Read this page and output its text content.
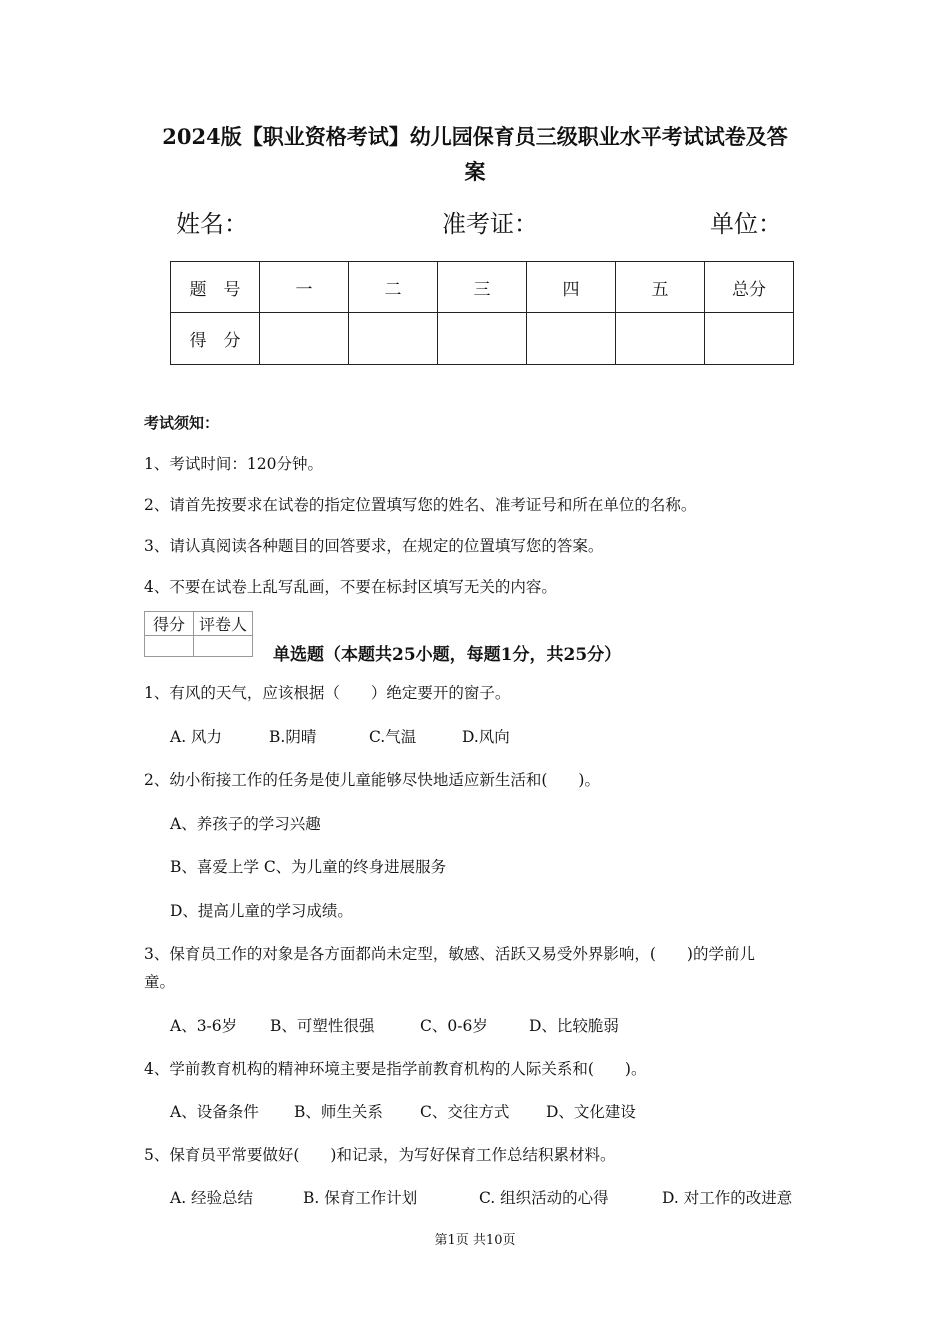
2024版【职业资格考试】幼儿园保育员三级职业水平考试试卷及答
案
姓名：	准考证：	单位：
题　号	一	二	三	四	五	总分
得　分						
考试须知：
1、考试时间：120分钟。
2、请首先按要求在试卷的指定位置填写您的姓名、准考证号和所在单位的名称。
3、请认真阅读各种题目的回答要求，在规定的位置填写您的答案。
4、不要在试卷上乱写乱画，不要在标封区填写无关的内容。
得分	评卷人

单选题（本题共25小题，每题1分，共25分）
1、有风的天气，应该根据（　　）绝定要开的窗子。
A. 风力	B.阴晴	C.气温	D.风向
2、幼小衔接工作的任务是使儿童能够尽快地适应新生活和(　　)。
A、养孩子的学习兴趣
B、喜爱上学 C、为儿童的终身进展服务
D、提高儿童的学习成绩。
3、保育员工作的对象是各方面都尚未定型，敏感、活跃又易受外界影响，(　　)的学前儿
童。
A、3-6岁 B、可塑性很强	C、0-6岁	D、比较脆弱
4、学前教育机构的精神环境主要是指学前教育机构的人际关系和(　　)。
A、设备条件 B、师生关系 C、交往方式 D、文化建设
5、保育员平常要做好(　　)和记录，为写好保育工作总结积累材料。
A. 经验总结	B. 保育工作计划	C. 组织活动的心得	D. 对工作的改进意
第1页 共10页
